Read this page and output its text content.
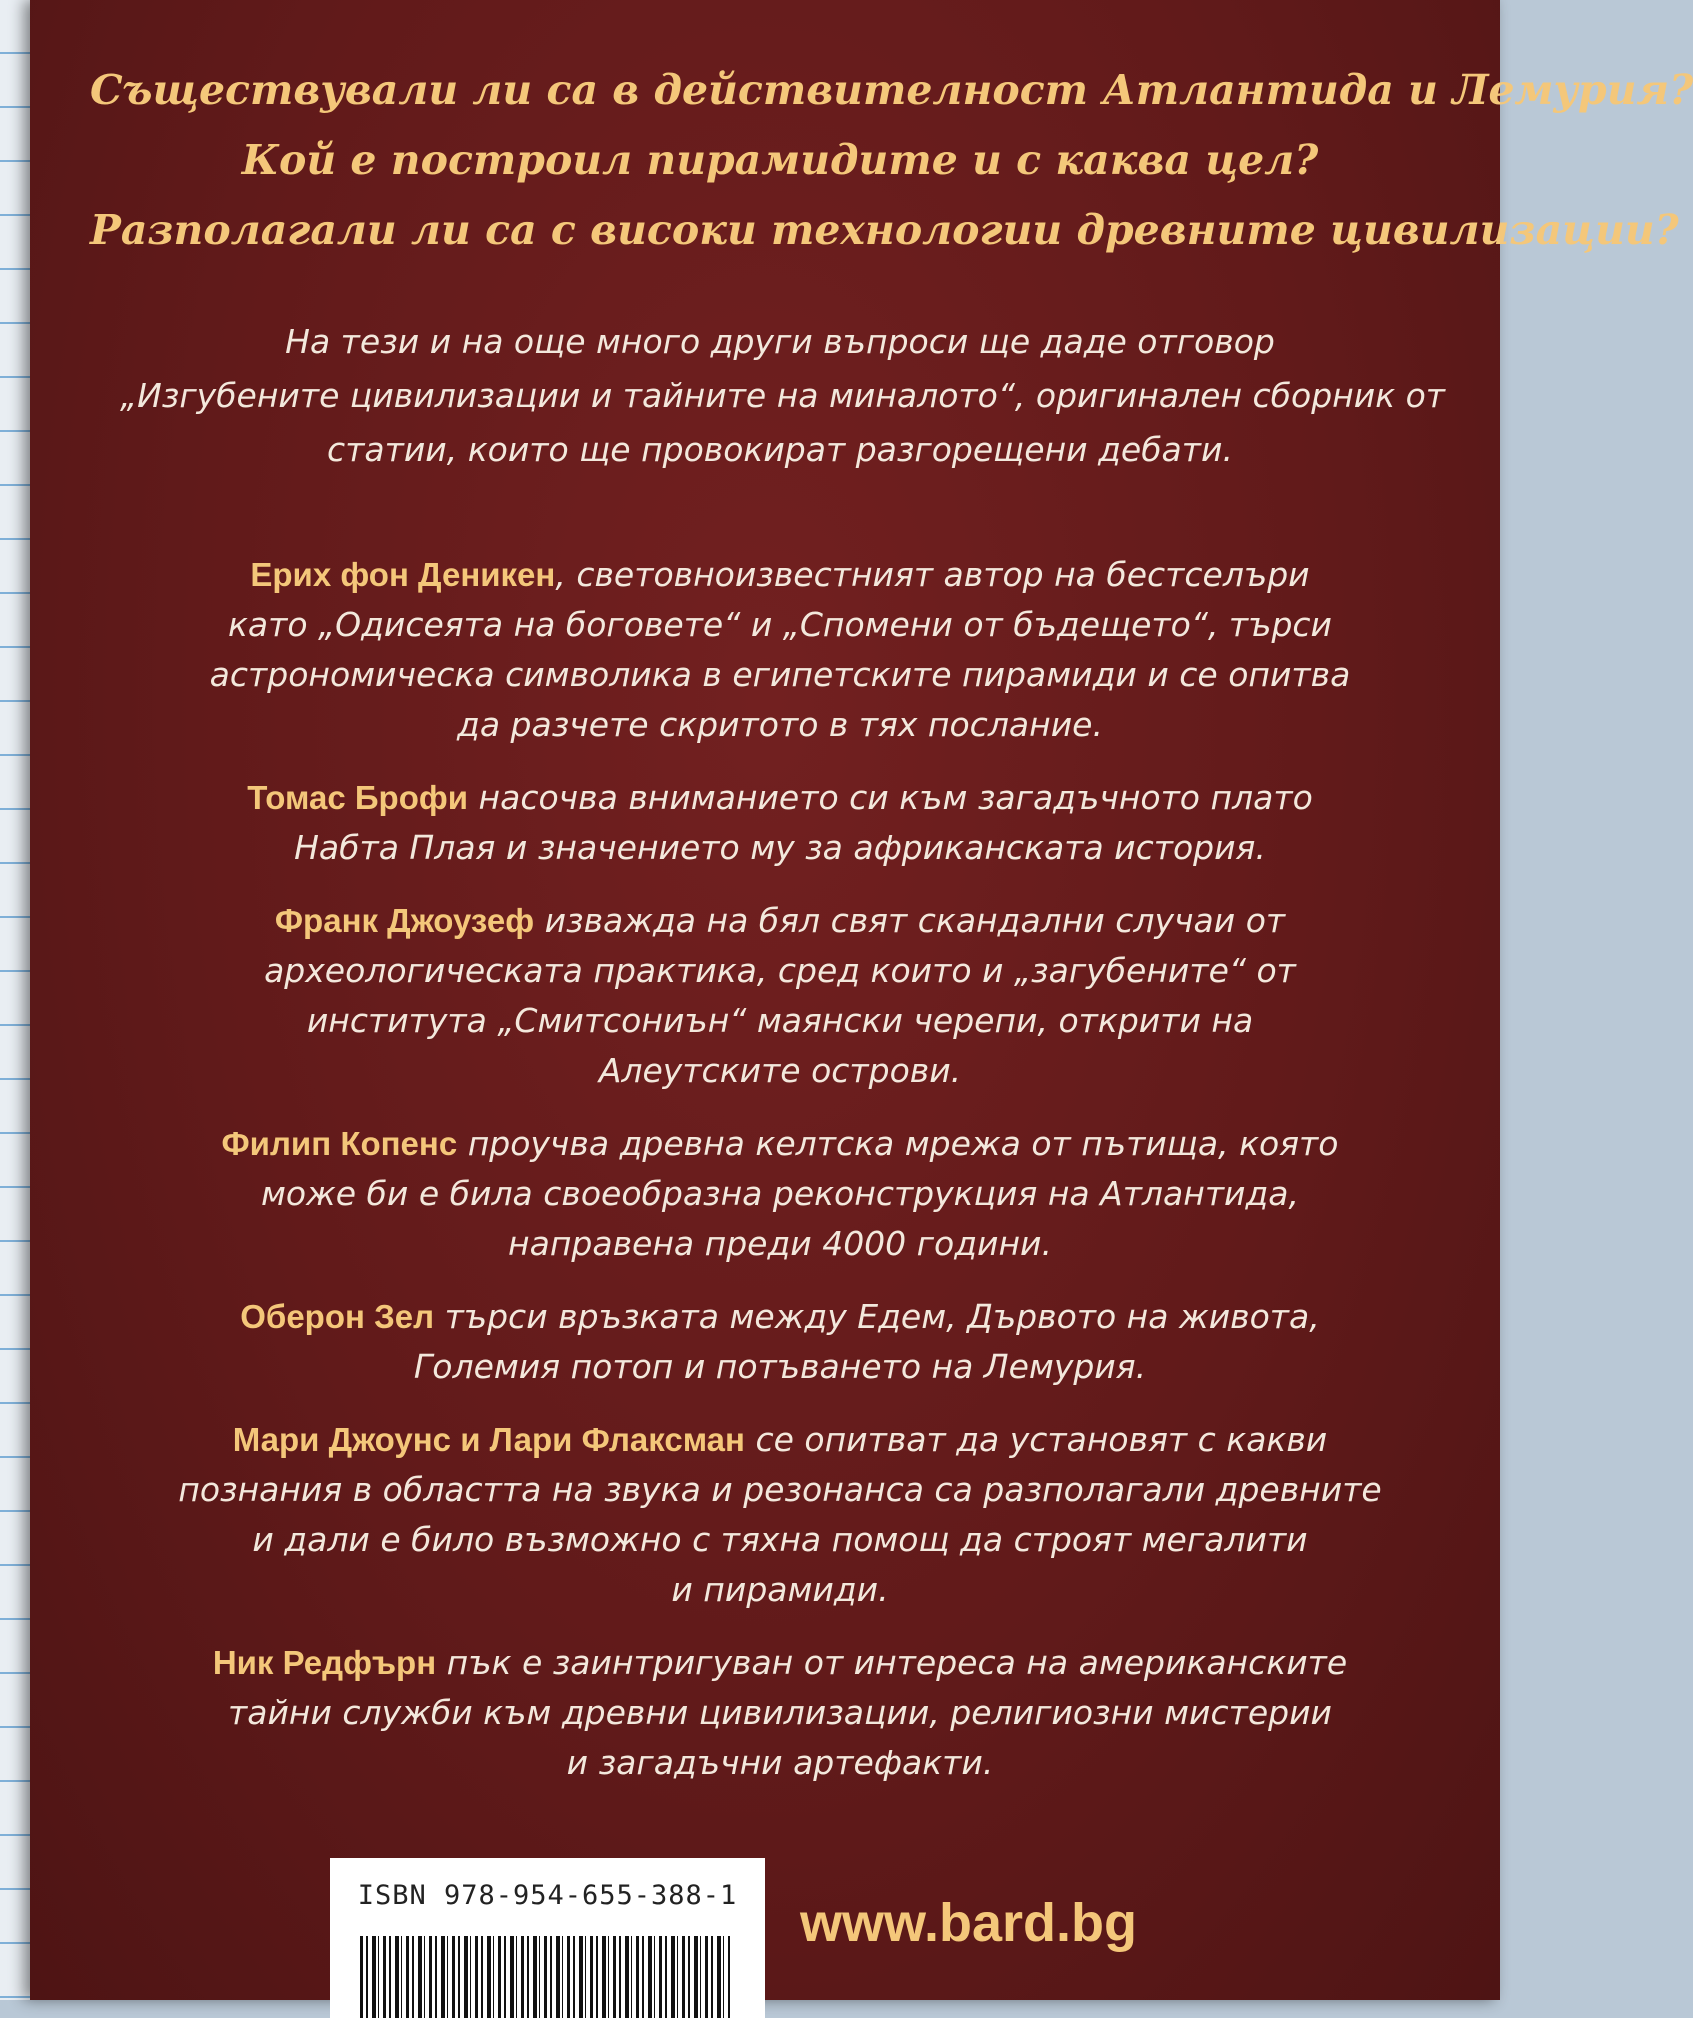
Съществували ли са в действителност Атлантида и Лемурия?
Кой е построил пирамидите и с каква цел?
Разполагали ли са с високи технологии древните цивилизации?
На тези и на още много други въпроси ще даде отговор
„Изгубените цивилизации и тайните на миналото“, оригинален сборник от
статии, които ще провокират разгорещени дебати.
Ерих фон Деникен, световноизвестният автор на бестселъри
като „Одисеята на боговете“ и „Спомени от бъдещето“, търси
астрономическа символика в египетските пирамиди и се опитва
да разчете скритото в тях послание.
Томас Брофи насочва вниманието си към загадъчното плато
Набта Плая и значението му за африканската история.
Франк Джоузеф изважда на бял свят скандални случаи от
археологическата практика, сред които и „загубените“ от
института „Смитсониън“ маянски черепи, открити на
Алеутските острови.
Филип Копенс проучва древна келтска мрежа от пътища, която
може би е била своеобразна реконструкция на Атлантида,
направена преди 4000 години.
Оберон Зел търси връзката между Едем, Дървото на живота,
Големия потоп и потъването на Лемурия.
Мари Джоунс и Лари Флаксман се опитват да установят с какви
познания в областта на звука и резонанса са разполагали древните
и дали е било възможно с тяхна помощ да строят мегалити
и пирамиди.
Ник Редфърн пък е заинтригуван от интереса на американските
тайни служби към древни цивилизации, религиозни мистерии
и загадъчни артефакти.
ISBN 978-954-655-388-1	www.bard.bg
